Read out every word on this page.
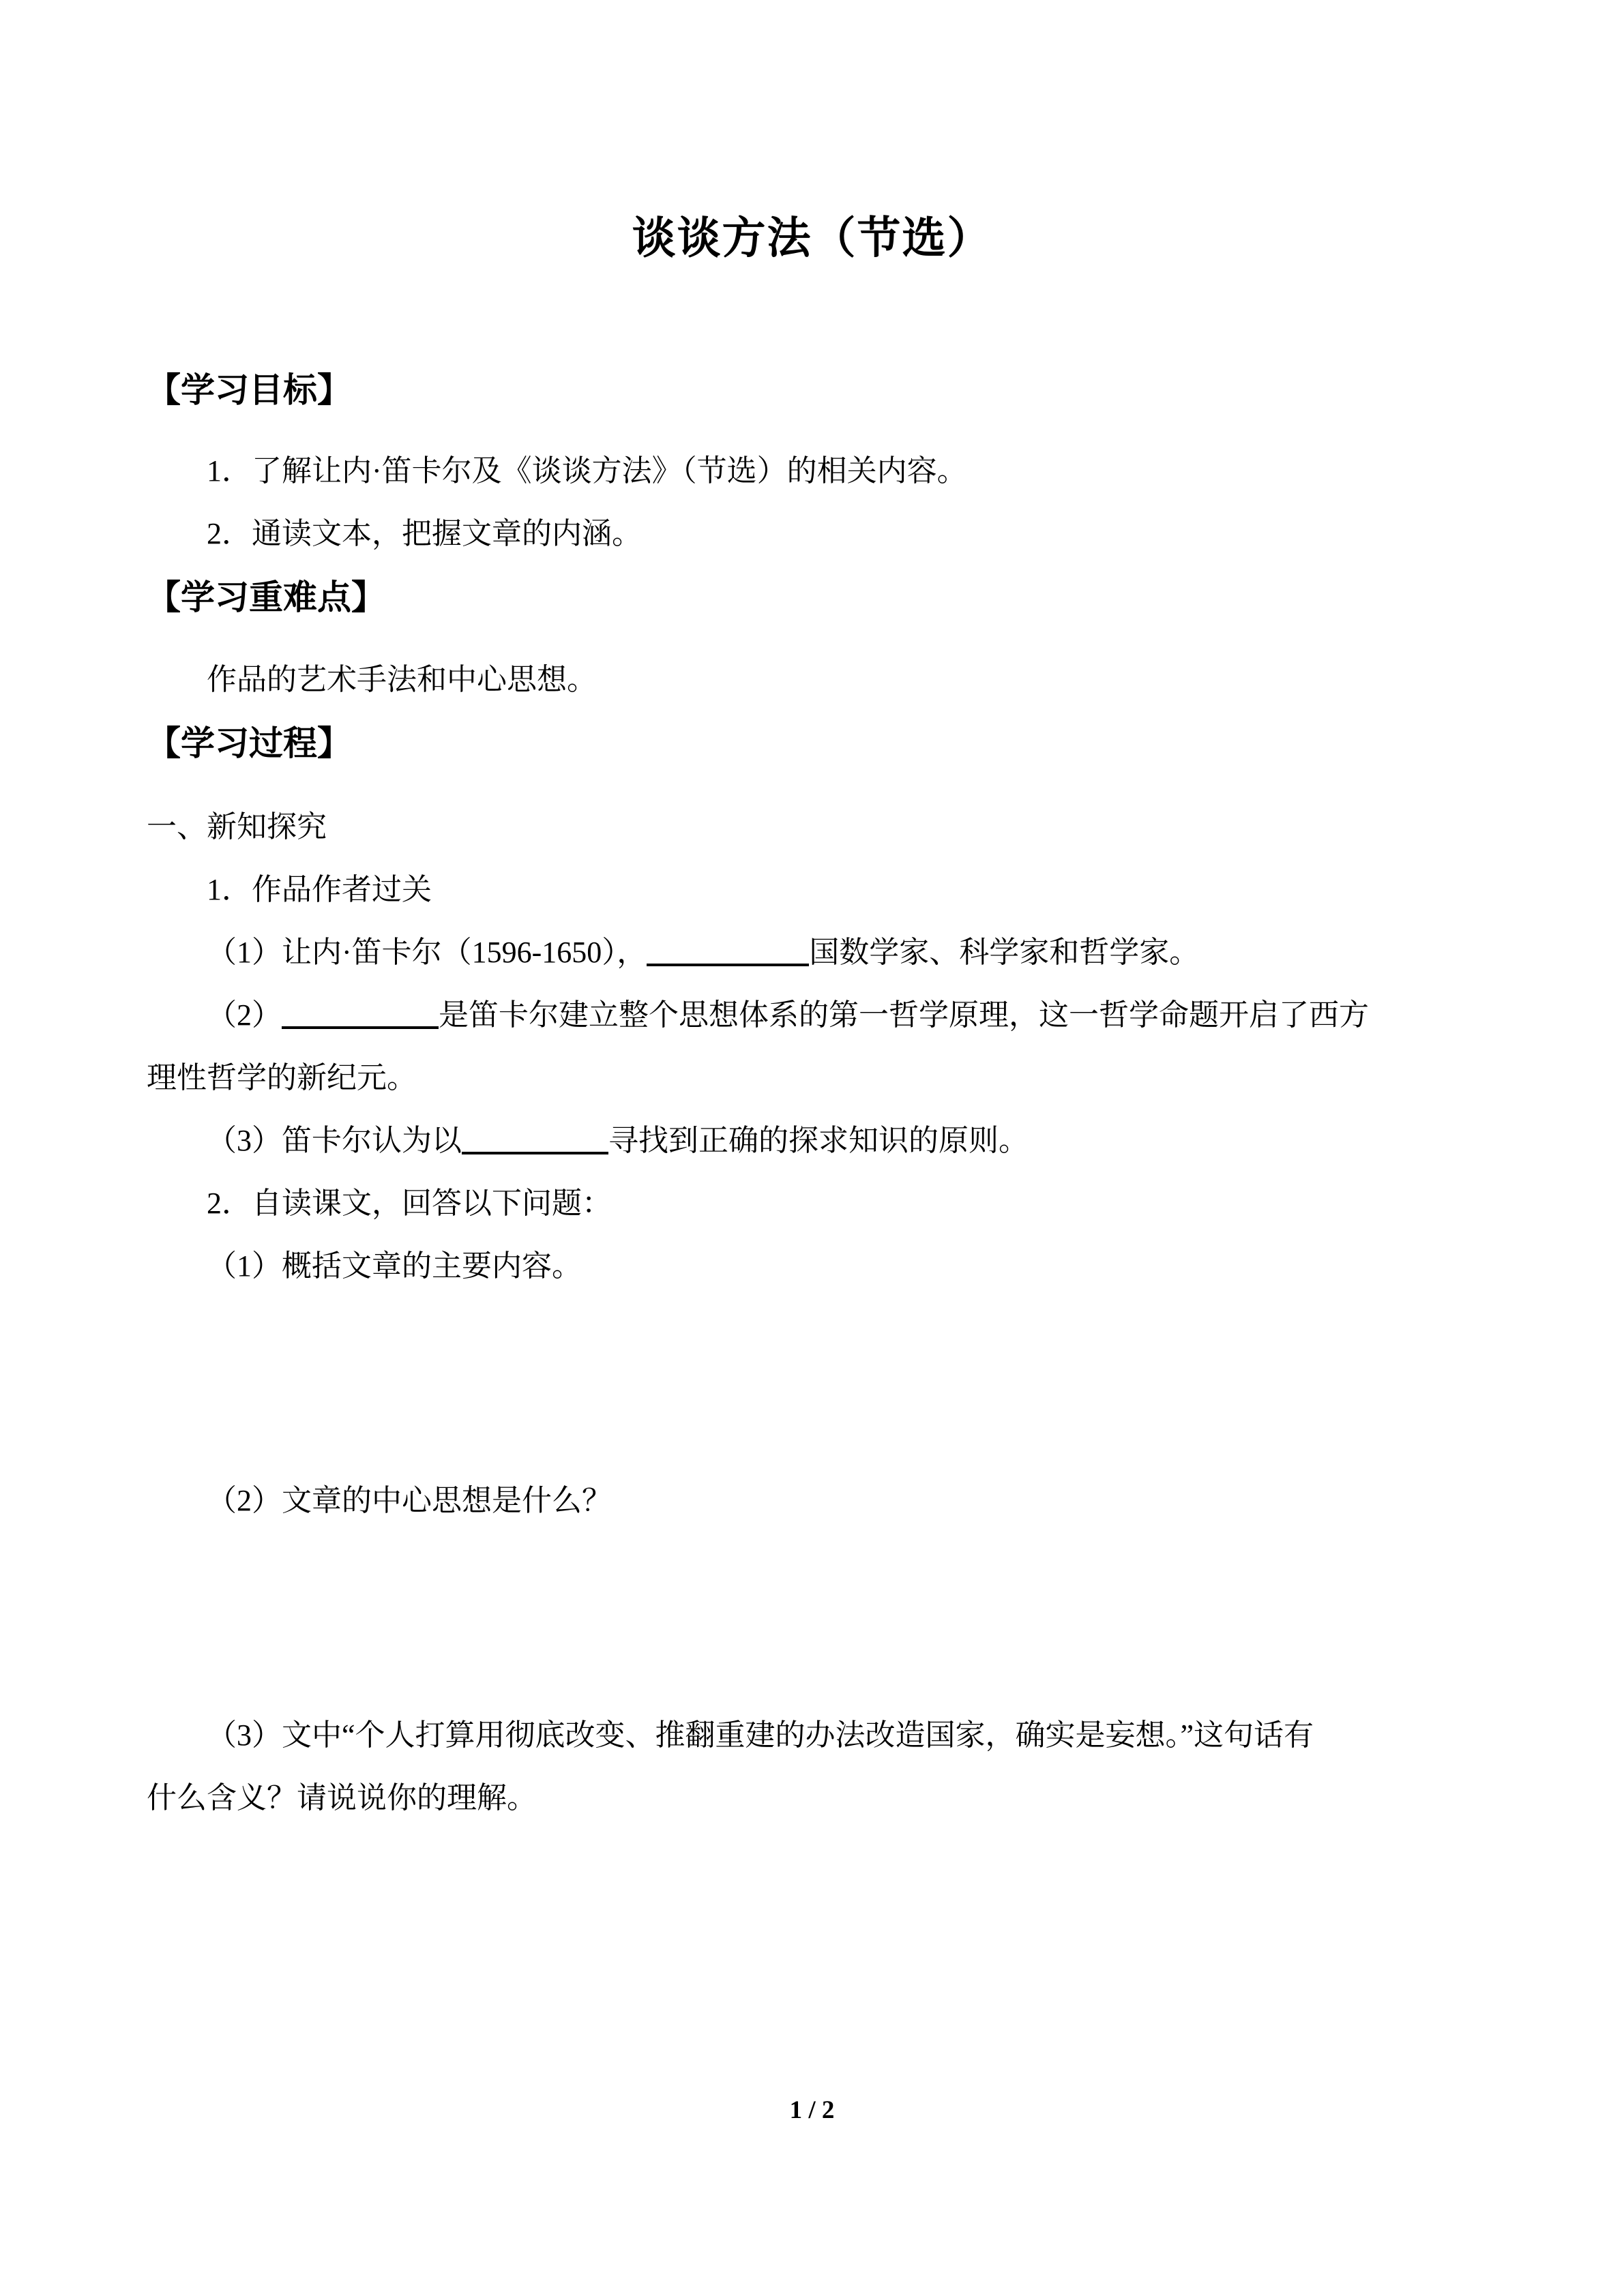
谈谈方法（节选）
【学习目标】
1．了解让内·笛卡尔及《谈谈方法》（节选）的相关内容。
2．通读文本，把握文章的内涵。
【学习重难点】
作品的艺术手法和中心思想。
【学习过程】
一、新知探究
1．作品作者过关
（1）让内·笛卡尔（1596-1650），	国数学家、科学家和哲学家。
（2）	是笛卡尔建立整个思想体系的第一哲学原理，这一哲学命题开启了西方
理性哲学的新纪元。
（3）笛卡尔认为以	寻找到正确的探求知识的原则。
2．自读课文，回答以下问题：
（1）概括文章的主要内容。
（2）文章的中心思想是什么？
（3）文中“个人打算用彻底改变、推翻重建的办法改造国家，确实是妄想。”这句话有
什么含义？请说说你的理解。
1 / 2
